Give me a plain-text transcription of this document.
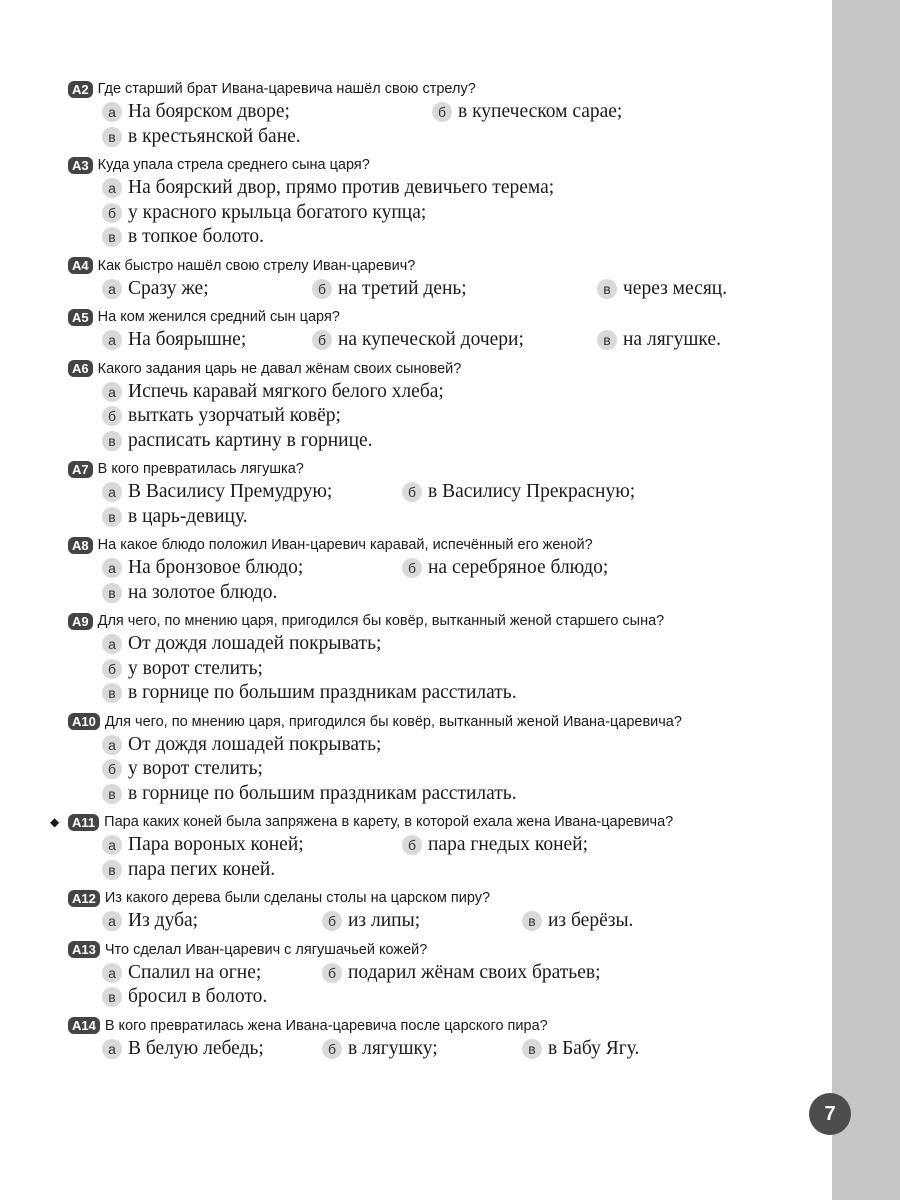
7
A2 Где старший брат Ивана-царевича нашёл свою стрелу?
а На боярском дворе;	б в купеческом сарае;
в в крестьянской бане.
A3 Куда упала стрела среднего сына царя?
а На боярский двор, прямо против девичьего терема;
б у красного крыльца богатого купца;
в в топкое болото.
A4 Как быстро нашёл свою стрелу Иван-царевич?
а Сразу же;	б на третий день;	в через месяц.
A5 На ком женился средний сын царя?
а На боярышне;	б на купеческой дочери;	в на лягушке.
A6 Какого задания царь не давал жёнам своих сыновей?
а Испечь каравай мягкого белого хлеба;
б выткать узорчатый ковёр;
в расписать картину в горнице.
A7 В кого превратилась лягушка?
а В Василису Премудрую;	б в Василису Прекрасную;
в в царь-девицу.
A8 На какое блюдо положил Иван-царевич каравай, испечённый его женой?
а На бронзовое блюдо;	б на серебряное блюдо;
в на золотое блюдо.
A9 Для чего, по мнению царя, пригодился бы ковёр, вытканный женой старшего сына?
а От дождя лошадей покрывать;
б у ворот стелить;
в в горнице по большим праздникам расстилать.
A10 Для чего, по мнению царя, пригодился бы ковёр, вытканный женой Ивана-царевича?
а От дождя лошадей покрывать;
б у ворот стелить;
в в горнице по большим праздникам расстилать.
◆ A11 Пара каких коней была запряжена в карету, в которой ехала жена Ивана-царевича?
а Пара вороных коней;	б пара гнедых коней;
в пара пегих коней.
A12 Из какого дерева были сделаны столы на царском пиру?
а Из дуба;	б из липы;	в из берёзы.
A13 Что сделал Иван-царевич с лягушачьей кожей?
а Спалил на огне;	б подарил жёнам своих братьев;
в бросил в болото.
A14 В кого превратилась жена Ивана-царевича после царского пира?
а В белую лебедь;	б в лягушку;	в в Бабу Ягу.
